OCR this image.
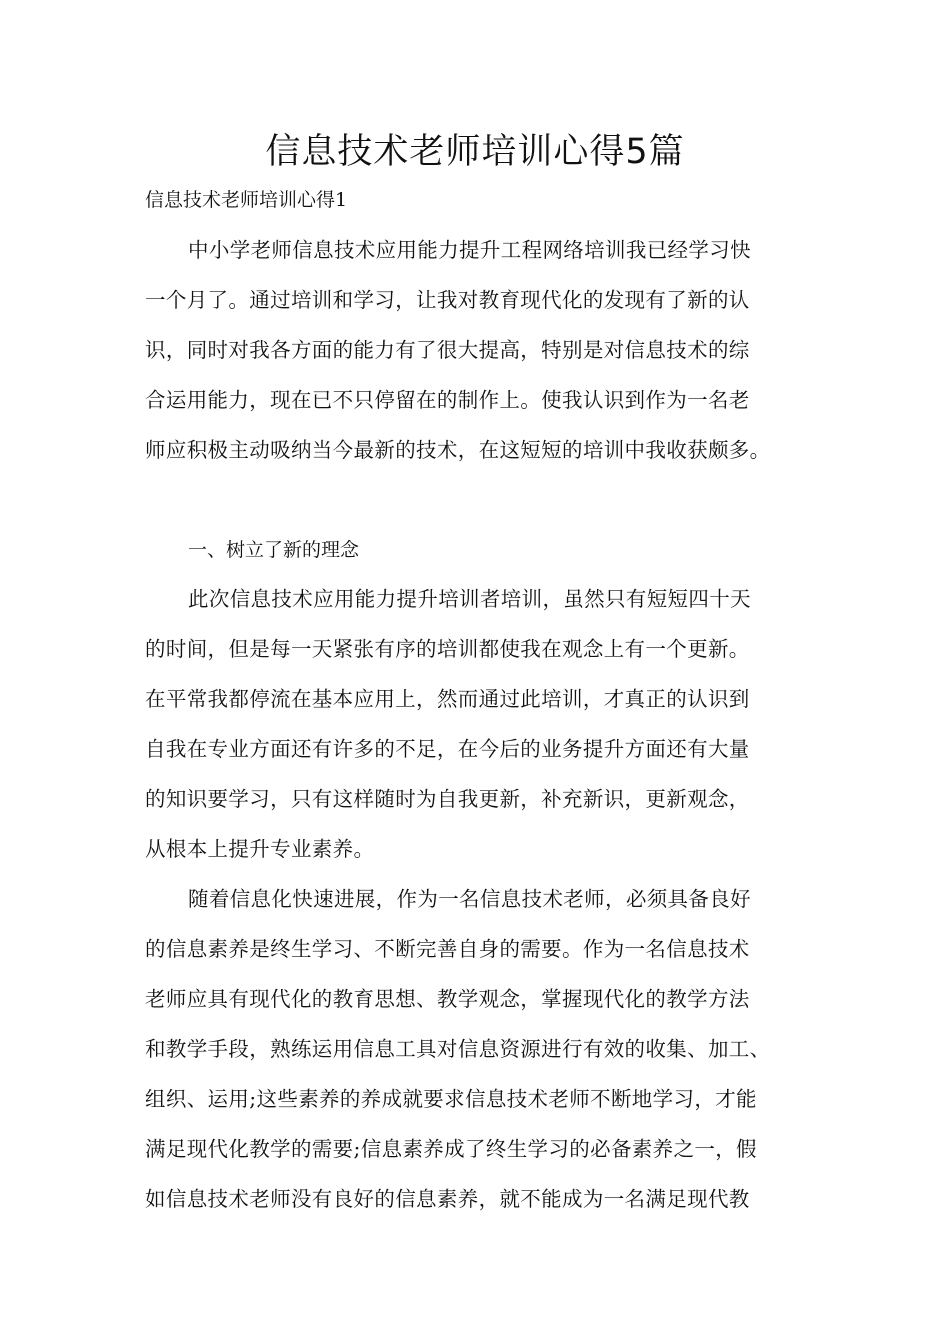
信息技术老师培训心得5篇
信息技术老师培训心得1
中小学老师信息技术应用能力提升工程网络培训我已经学习快
一个月了。通过培训和学习，让我对教育现代化的发现有了新的认
识，同时对我各方面的能力有了很大提高，特别是对信息技术的综
合运用能力，现在已不只停留在的制作上。使我认识到作为一名老
师应积极主动吸纳当今最新的技术，在这短短的培训中我收获颇多。
一、树立了新的理念
此次信息技术应用能力提升培训者培训，虽然只有短短四十天
的时间，但是每一天紧张有序的培训都使我在观念上有一个更新。
在平常我都停流在基本应用上，然而通过此培训，才真正的认识到
自我在专业方面还有许多的不足，在今后的业务提升方面还有大量
的知识要学习，只有这样随时为自我更新，补充新识，更新观念，
从根本上提升专业素养。
随着信息化快速进展，作为一名信息技术老师，必须具备良好
的信息素养是终生学习、不断完善自身的需要。作为一名信息技术
老师应具有现代化的教育思想、教学观念，掌握现代化的教学方法
和教学手段，熟练运用信息工具对信息资源进行有效的收集、加工、
组织、运用;这些素养的养成就要求信息技术老师不断地学习，才能
满足现代化教学的需要;信息素养成了终生学习的必备素养之一，假
如信息技术老师没有良好的信息素养，就不能成为一名满足现代教
